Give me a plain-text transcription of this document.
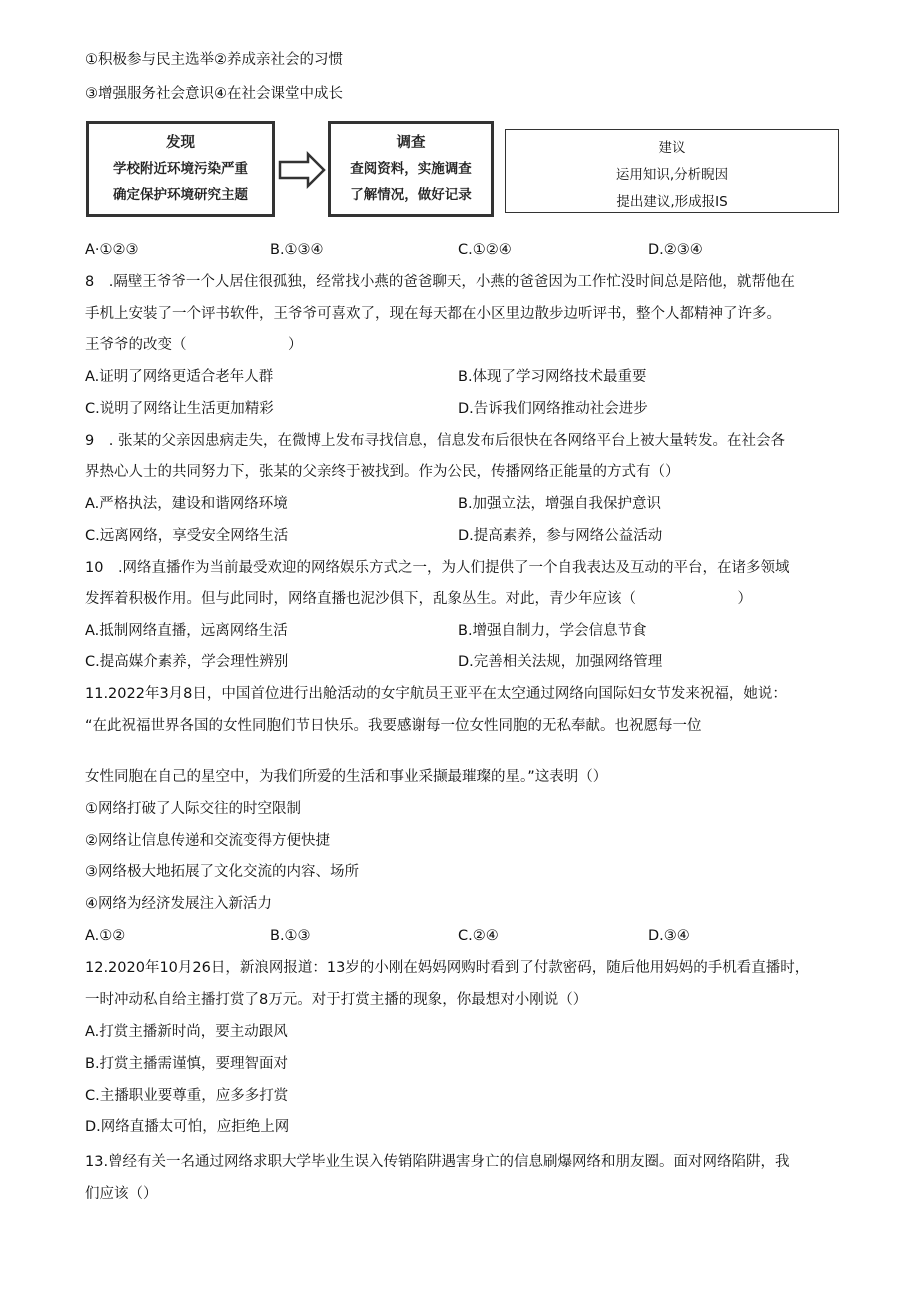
①积极参与民主选举②养成亲社会的习惯
③增强服务社会意识④在社会课堂中成长
发现
学校附近环境污染严重
确定保护环境研究主题
调查
查阅资料，实施调查
了解情况，做好记录
建议
运用知识,分析睨因
提出建议,形成报IS
A·①②③	B.①③④	C.①②④	D.②③④
8　.隔壁王爷爷一个人居住很孤独，经常找小燕的爸爸聊天，小燕的爸爸因为工作忙没时间总是陪他，就帮他在
手机上安装了一个评书软件，王爷爷可喜欢了，现在每天都在小区里边散步边听评书，整个人都精神了许多。
王爷爷的改变（　　　　　　　）
A.证明了网络更适合老年人群	B.体现了学习网络技术最重要
C.说明了网络让生活更加精彩	D.告诉我们网络推动社会进步
9　. 张某的父亲因患病走失，在微博上发布寻找信息，信息发布后很快在各网络平台上被大量转发。在社会各
界热心人士的共同努力下，张某的父亲终于被找到。作为公民，传播网络正能量的方式有（）
A.严格执法，建设和谐网络环境	B.加强立法，增强自我保护意识
C.远离网络，享受安全网络生活	D.提高素养，参与网络公益活动
10　.网络直播作为当前最受欢迎的网络娱乐方式之一，为人们提供了一个自我表达及互动的平台，在诸多领域
发挥着积极作用。但与此同时，网络直播也泥沙俱下，乱象丛生。对此，青少年应该（　　　　　　　）
A.抵制网络直播，远离网络生活	B.增强自制力，学会信息节食
C.提高媒介素养，学会理性辨别	D.完善相关法规，加强网络管理
11.2022年3月8日，中国首位进行出舱活动的女宇航员王亚平在太空通过网络向国际妇女节发来祝福，她说：
“在此祝福世界各国的女性同胞们节日快乐。我要感谢每一位女性同胞的无私奉献。也祝愿每一位
女性同胞在自己的星空中，为我们所爱的生活和事业采撷最璀璨的星。”这表明（）
①网络打破了人际交往的时空限制
②网络让信息传递和交流变得方便快捷
③网络极大地拓展了文化交流的内容、场所
④网络为经济发展注入新活力
A.①②	B.①③	C.②④	D.③④
12.2020年10月26日，新浪网报道：13岁的小刚在妈妈网购时看到了付款密码，随后他用妈妈的手机看直播时，
一时冲动私自给主播打赏了8万元。对于打赏主播的现象，你最想对小刚说（）
A.打赏主播新时尚，要主动跟风
B.打赏主播需谨慎，要理智面对
C.主播职业要尊重，应多多打赏
D.网络直播太可怕，应拒绝上网
13.曾经有关一名通过网络求职大学毕业生误入传销陷阱遇害身亡的信息刷爆网络和朋友圈。面对网络陷阱，我
们应该（）
